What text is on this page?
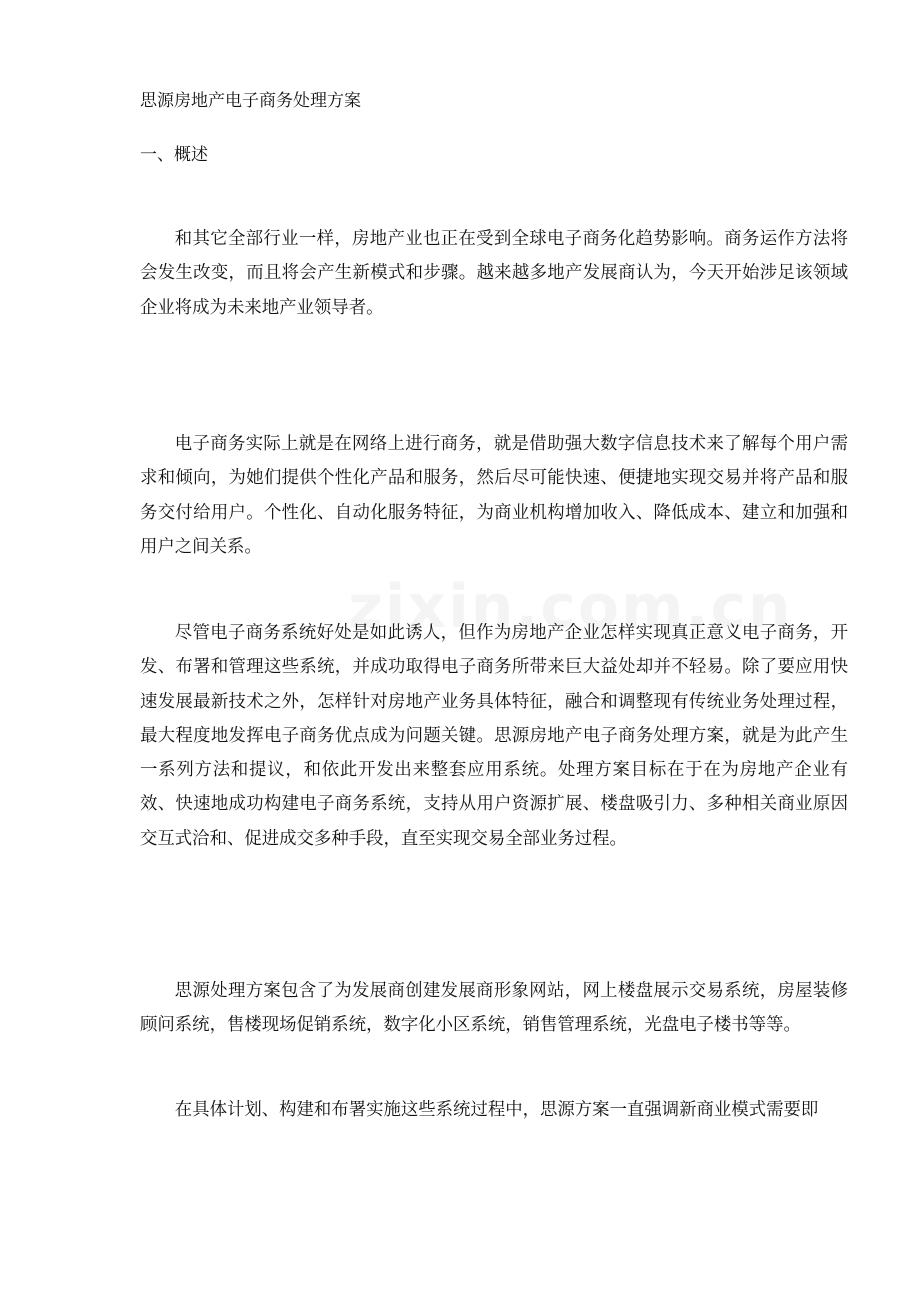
思源房地产电子商务处理方案
一、概述

和其它全部行业一样，房地产业也正在受到全球电子商务化趋势影响。商务运作方法将会发生改变，而且将会产生新模式和步骤。越来越多地产发展商认为，今天开始涉足该领域企业将成为未来地产业领导者。

电子商务实际上就是在网络上进行商务，就是借助强大数字信息技术来了解每个用户需求和倾向，为她们提供个性化产品和服务，然后尽可能快速、便捷地实现交易并将产品和服务交付给用户。个性化、自动化服务特征，为商业机构增加收入、降低成本、建立和加强和用户之间关系。

尽管电子商务系统好处是如此诱人，但作为房地产企业怎样实现真正意义电子商务，开发、布署和管理这些系统，并成功取得电子商务所带来巨大益处却并不轻易。除了要应用快速发展最新技术之外，怎样针对房地产业务具体特征，融合和调整现有传统业务处理过程，最大程度地发挥电子商务优点成为问题关键。思源房地产电子商务处理方案，就是为此产生一系列方法和提议，和依此开发出来整套应用系统。处理方案目标在于在为房地产企业有效、快速地成功构建电子商务系统，支持从用户资源扩展、楼盘吸引力、多种相关商业原因交互式洽和、促进成交多种手段，直至实现交易全部业务过程。

思源处理方案包含了为发展商创建发展商形象网站，网上楼盘展示交易系统，房屋装修顾问系统，售楼现场促销系统，数字化小区系统，销售管理系统，光盘电子楼书等等。

在具体计划、构建和布署实施这些系统过程中，思源方案一直强调新商业模式需要即
